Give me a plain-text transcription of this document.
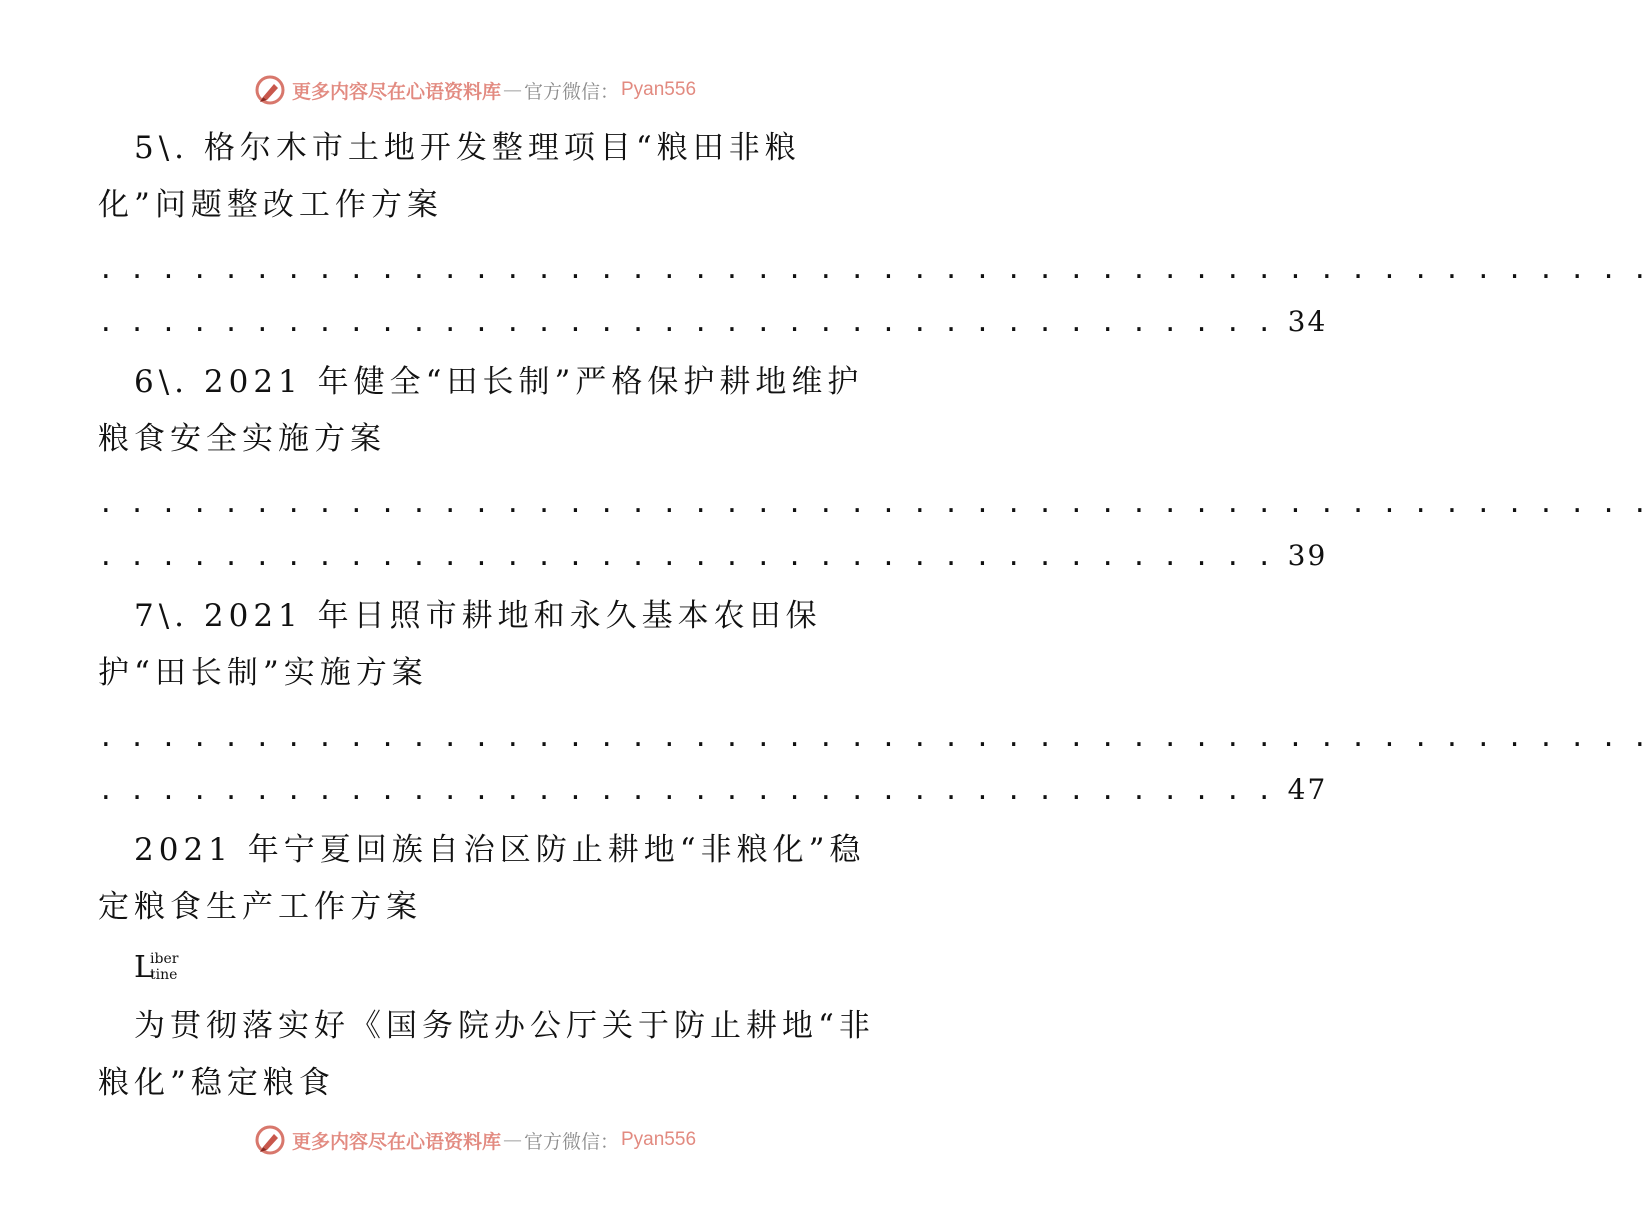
更多内容尽在心语资料库 — 官方微信： Pyan556
5\. 格尔木市土地开发整理项目“粮田非粮
化”问题整改工作方案
. . . . . . . . . . . . . . . . . . . . . . . . . . . . . . . . . . . . . . . . . . . . . . . . . .
. . . . . . . . . . . . . . . . . . . . . . . . . . . . . . . . . . . . . . 34
6\. 2021 年健全“田长制”严格保护耕地维护
粮食安全实施方案
. . . . . . . . . . . . . . . . . . . . . . . . . . . . . . . . . . . . . . . . . . . . . . . . . .
. . . . . . . . . . . . . . . . . . . . . . . . . . . . . . . . . . . . . . 39
7\. 2021 年日照市耕地和永久基本农田保
护“田长制”实施方案
. . . . . . . . . . . . . . . . . . . . . . . . . . . . . . . . . . . . . . . . . . . . . . . . . .
. . . . . . . . . . . . . . . . . . . . . . . . . . . . . . . . . . . . . . 47
2021 年宁夏回族自治区防止耕地“非粮化”稳
定粮食生产工作方案
L
iber
tine
为贯彻落实好《国务院办公厅关于防止耕地“非
粮化”稳定粮食
更多内容尽在心语资料库 — 官方微信： Pyan556
